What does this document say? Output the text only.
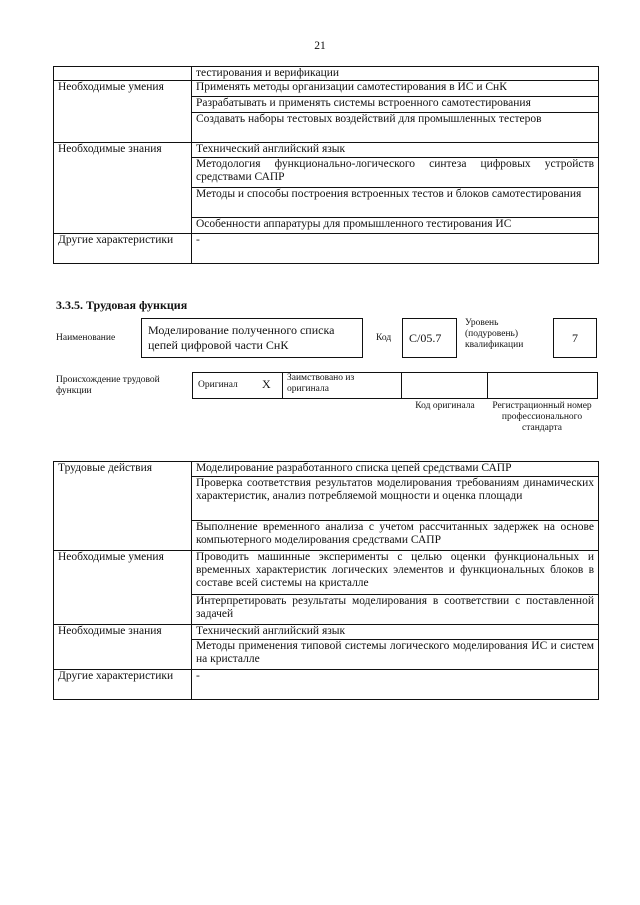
21
	тестирования и верификации
Необходимые умения	Применять методы организации самотестирования в ИС и СнК
	Разрабатывать и применять системы встроенного самотестирования
	Создавать наборы тестовых воздействий для промышленных тестеров
Необходимые знания	Технический английский язык
	Методология функционально-логического синтеза цифровых устройств средствами САПР
	Методы и способы построения встроенных тестов и блоков самотестирования
	Особенности аппаратуры для промышленного тестирования ИС
Другие характеристики	-
3.3.5. Трудовая функция
Наименование
Моделирование полученного списка цепей цифровой части СнК	Код	C/05.7
Уровень (подуровень) квалификации	7
Происхождение трудовой функции
Оригинал X Заимствовано из оригинала
Код оригинала	Регистрационный номер профессионального стандарта
Трудовые действия	Моделирование разработанного списка цепей средствами САПР
	Проверка соответствия результатов моделирования требованиям динамических характеристик, анализ потребляемой мощности и оценка площади
	Выполнение временного анализа с учетом рассчитанных задержек на основе компьютерного моделирования средствами САПР
Необходимые умения	Проводить машинные эксперименты с целью оценки функциональных и временных характеристик логических элементов и функциональных блоков в составе всей системы на кристалле
	Интерпретировать результаты моделирования в соответствии с поставленной задачей
Необходимые знания	Технический английский язык
	Методы применения типовой системы логического моделирования ИС и систем на кристалле
Другие характеристики	-
